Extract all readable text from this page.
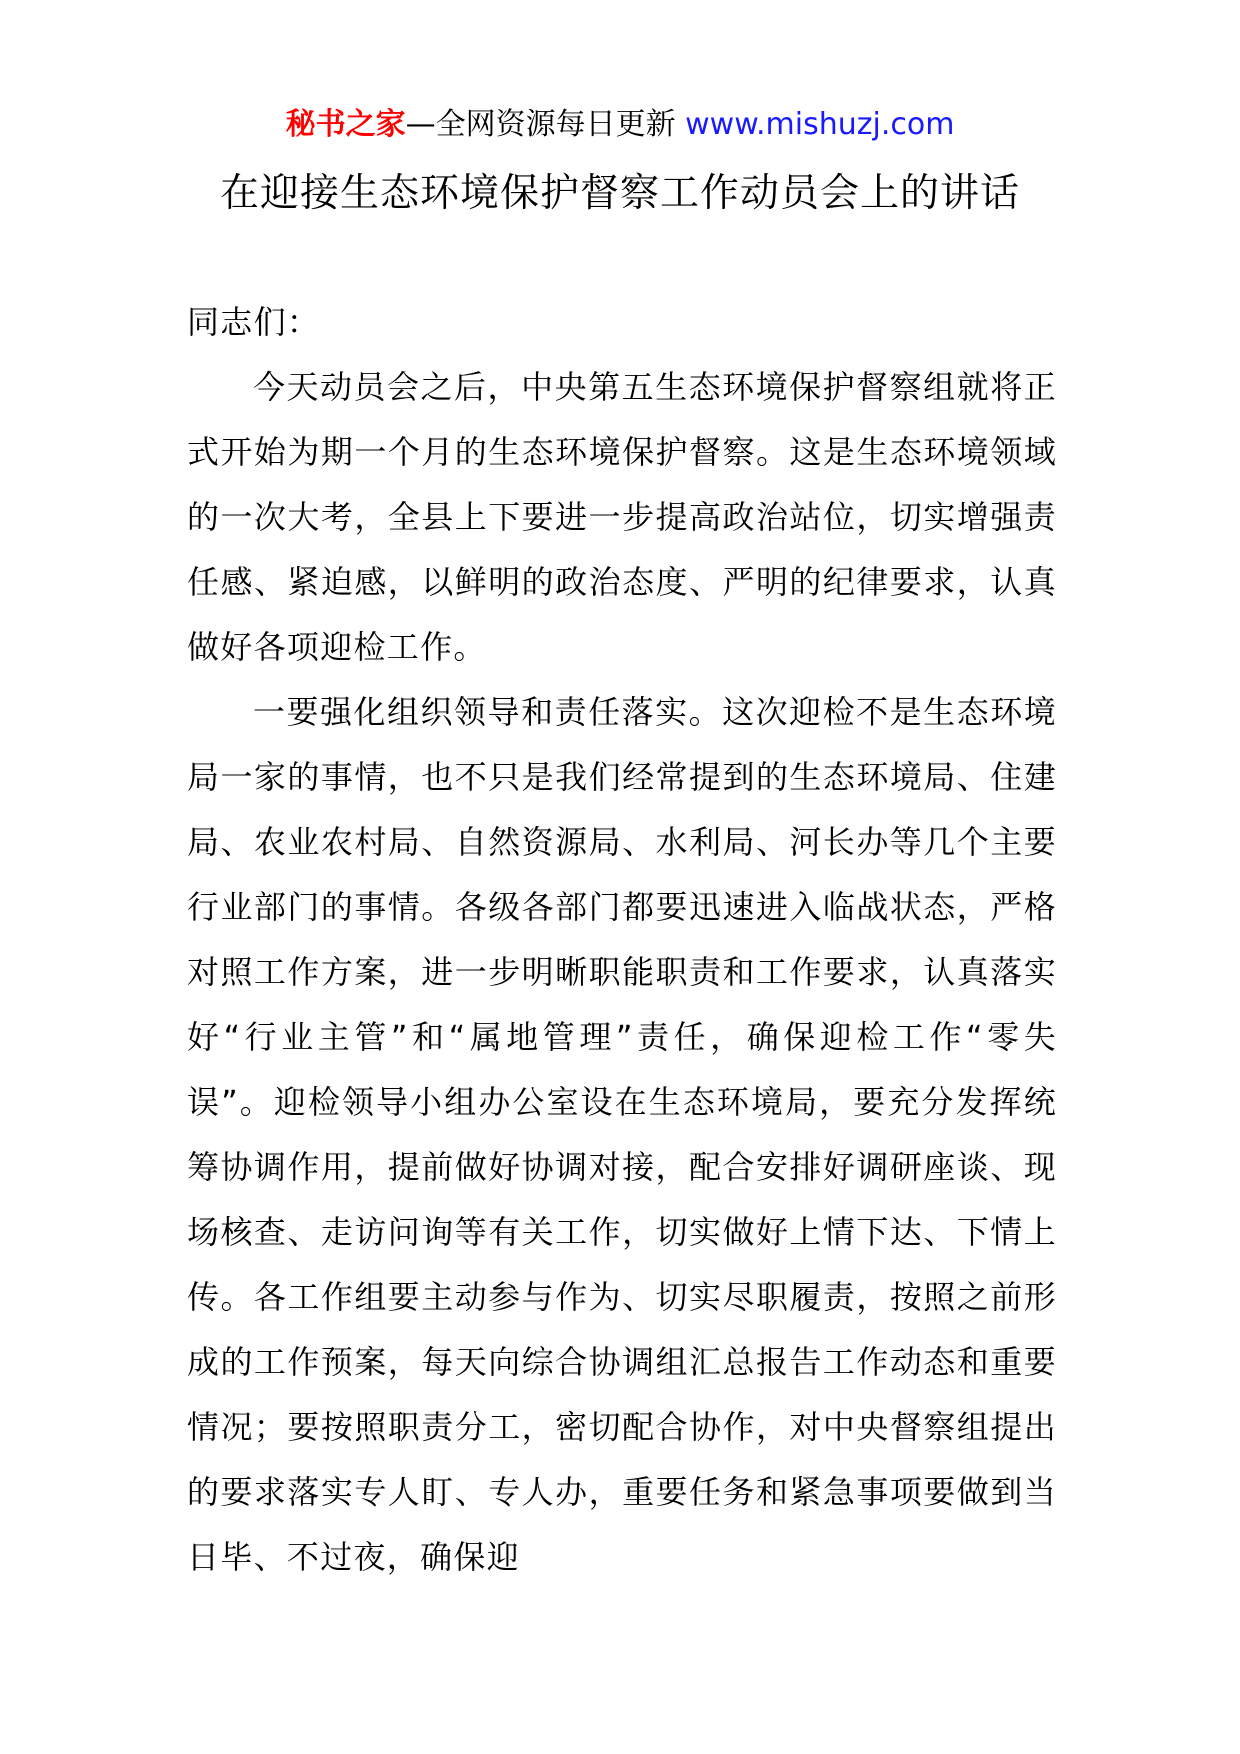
秘书之家—全网资源每日更新 www.mishuzj.com
在迎接生态环境保护督察工作动员会上的讲话

同志们：

今天动员会之后，中央第五生态环境保护督察组就将正式开始为期一个月的生态环境保护督察。这是生态环境领域的一次大考，全县上下要进一步提高政治站位，切实增强责任感、紧迫感，以鲜明的政治态度、严明的纪律要求，认真做好各项迎检工作。

一要强化组织领导和责任落实。这次迎检不是生态环境局一家的事情，也不只是我们经常提到的生态环境局、住建局、农业农村局、自然资源局、水利局、河长办等几个主要行业部门的事情。各级各部门都要迅速进入临战状态，严格对照工作方案，进一步明晰职能职责和工作要求，认真落实好“行业主管”和“属地管理”责任，确保迎检工作“零失误”。迎检领导小组办公室设在生态环境局，要充分发挥统筹协调作用，提前做好协调对接，配合安排好调研座谈、现场核查、走访问询等有关工作，切实做好上情下达、下情上传。各工作组要主动参与作为、切实尽职履责，按照之前形成的工作预案，每天向综合协调组汇总报告工作动态和重要情况；要按照职责分工，密切配合协作，对中央督察组提出的要求落实专人盯、专人办，重要任务和紧急事项要做到当日毕、不过夜，确保迎
